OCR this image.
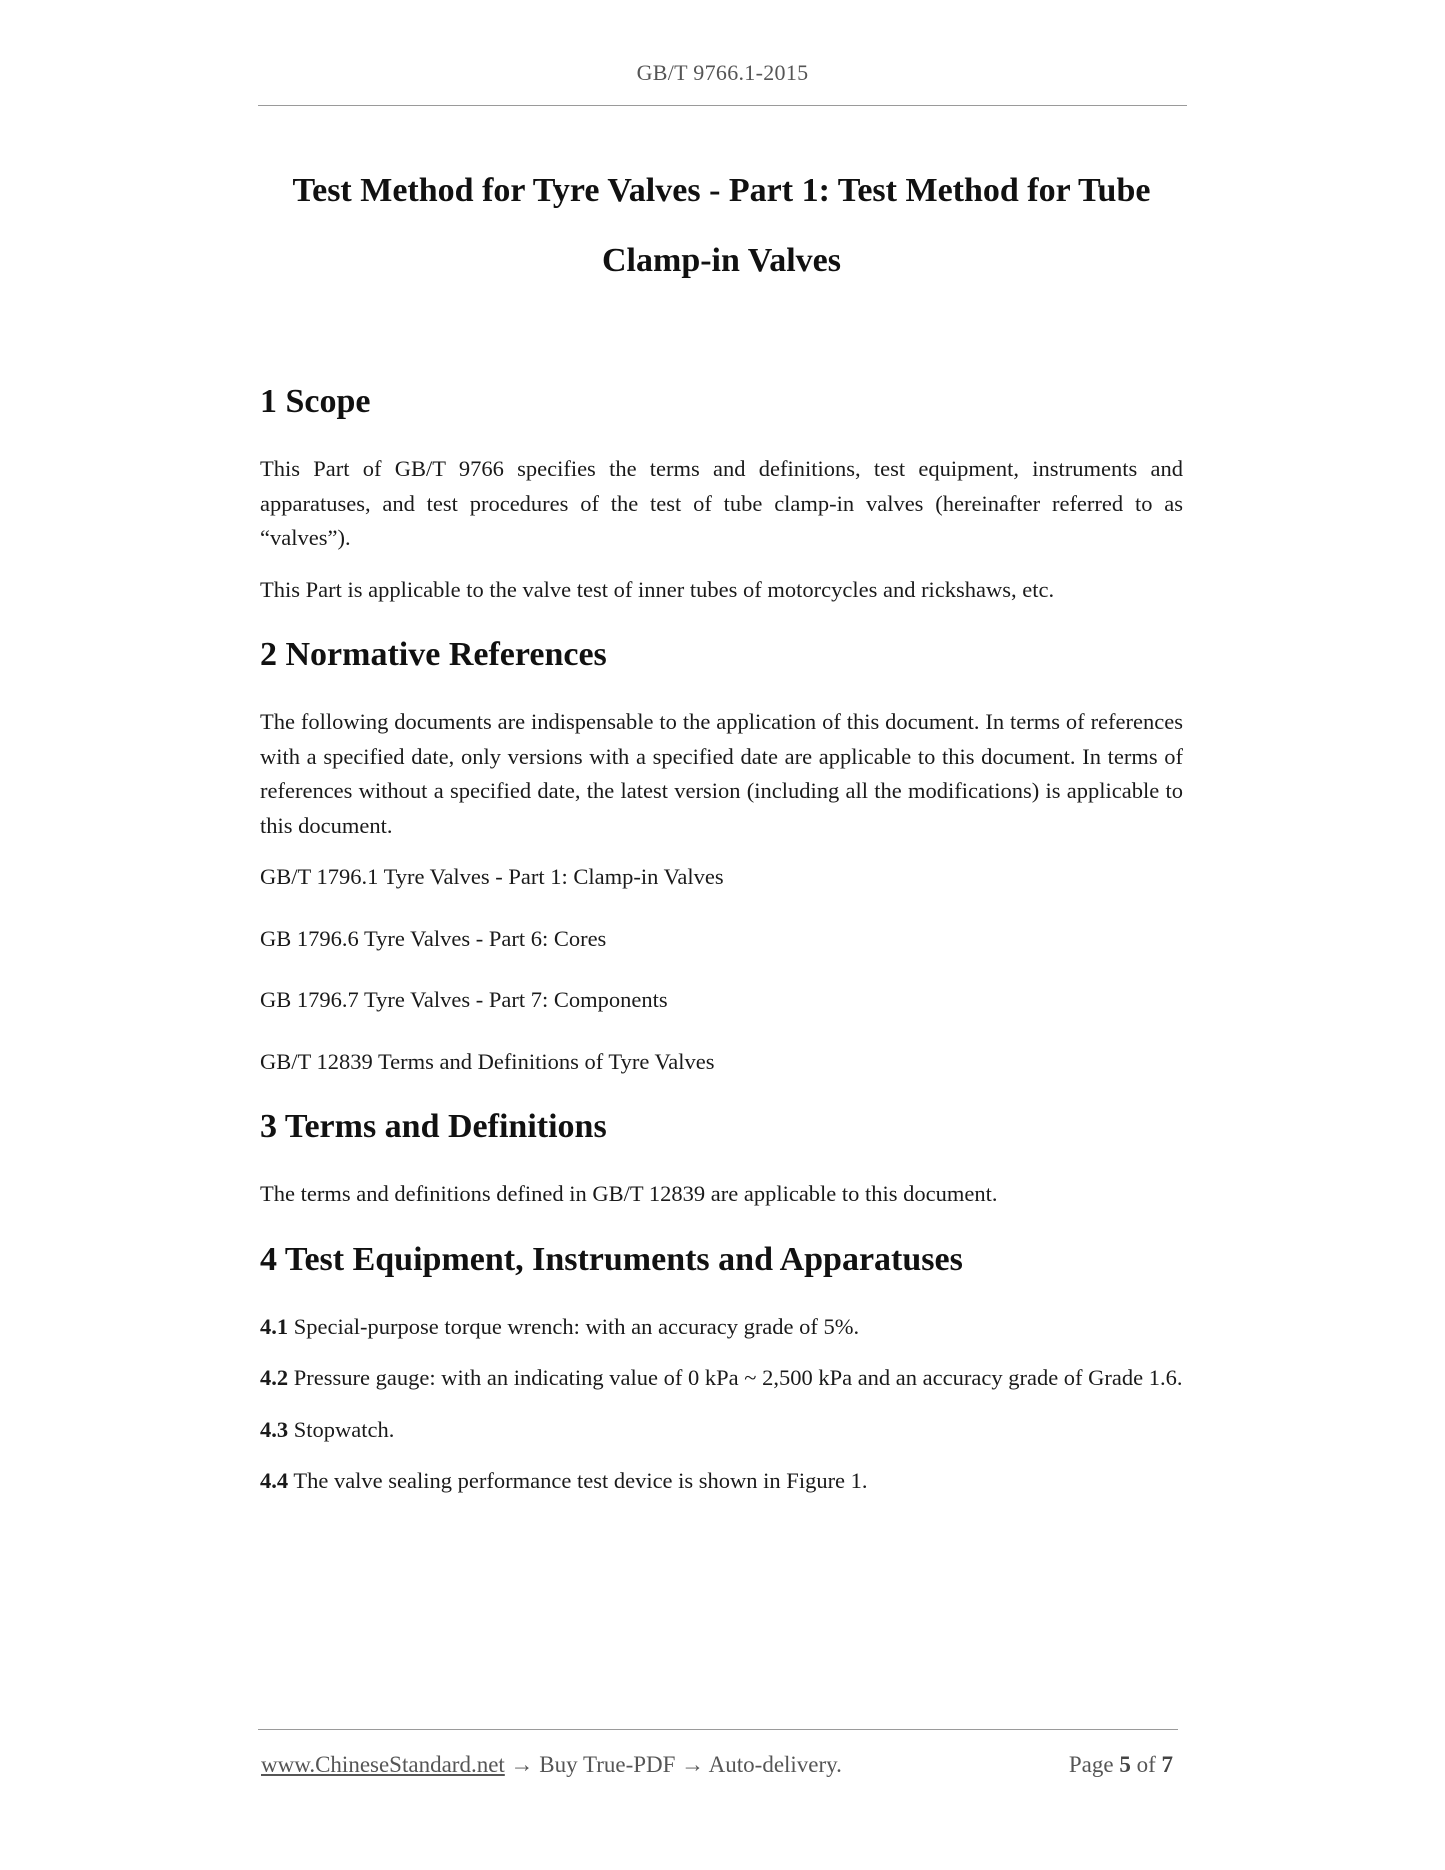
GB/T 9766.1-2015
Test Method for Tyre Valves - Part 1: Test Method for Tube
Clamp-in Valves
1 Scope

This Part of GB/T 9766 specifies the terms and definitions, test equipment, instruments and apparatuses, and test procedures of the test of tube clamp-in valves (hereinafter referred to as “valves”).

This Part is applicable to the valve test of inner tubes of motorcycles and rickshaws, etc.

2 Normative References

The following documents are indispensable to the application of this document. In terms of references with a specified date, only versions with a specified date are applicable to this document. In terms of references without a specified date, the latest version (including all the modifications) is applicable to this document.

GB/T 1796.1 Tyre Valves - Part 1: Clamp-in Valves

GB 1796.6 Tyre Valves - Part 6: Cores

GB 1796.7 Tyre Valves - Part 7: Components

GB/T 12839 Terms and Definitions of Tyre Valves

3 Terms and Definitions

The terms and definitions defined in GB/T 12839 are applicable to this document.

4 Test Equipment, Instruments and Apparatuses

4.1 Special-purpose torque wrench: with an accuracy grade of 5%.

4.2 Pressure gauge: with an indicating value of 0 kPa ~ 2,500 kPa and an accuracy grade of Grade 1.6.

4.3 Stopwatch.

4.4 The valve sealing performance test device is shown in Figure 1.

www.ChineseStandard.net → Buy True-PDF → Auto-delivery.	Page 5 of 7
